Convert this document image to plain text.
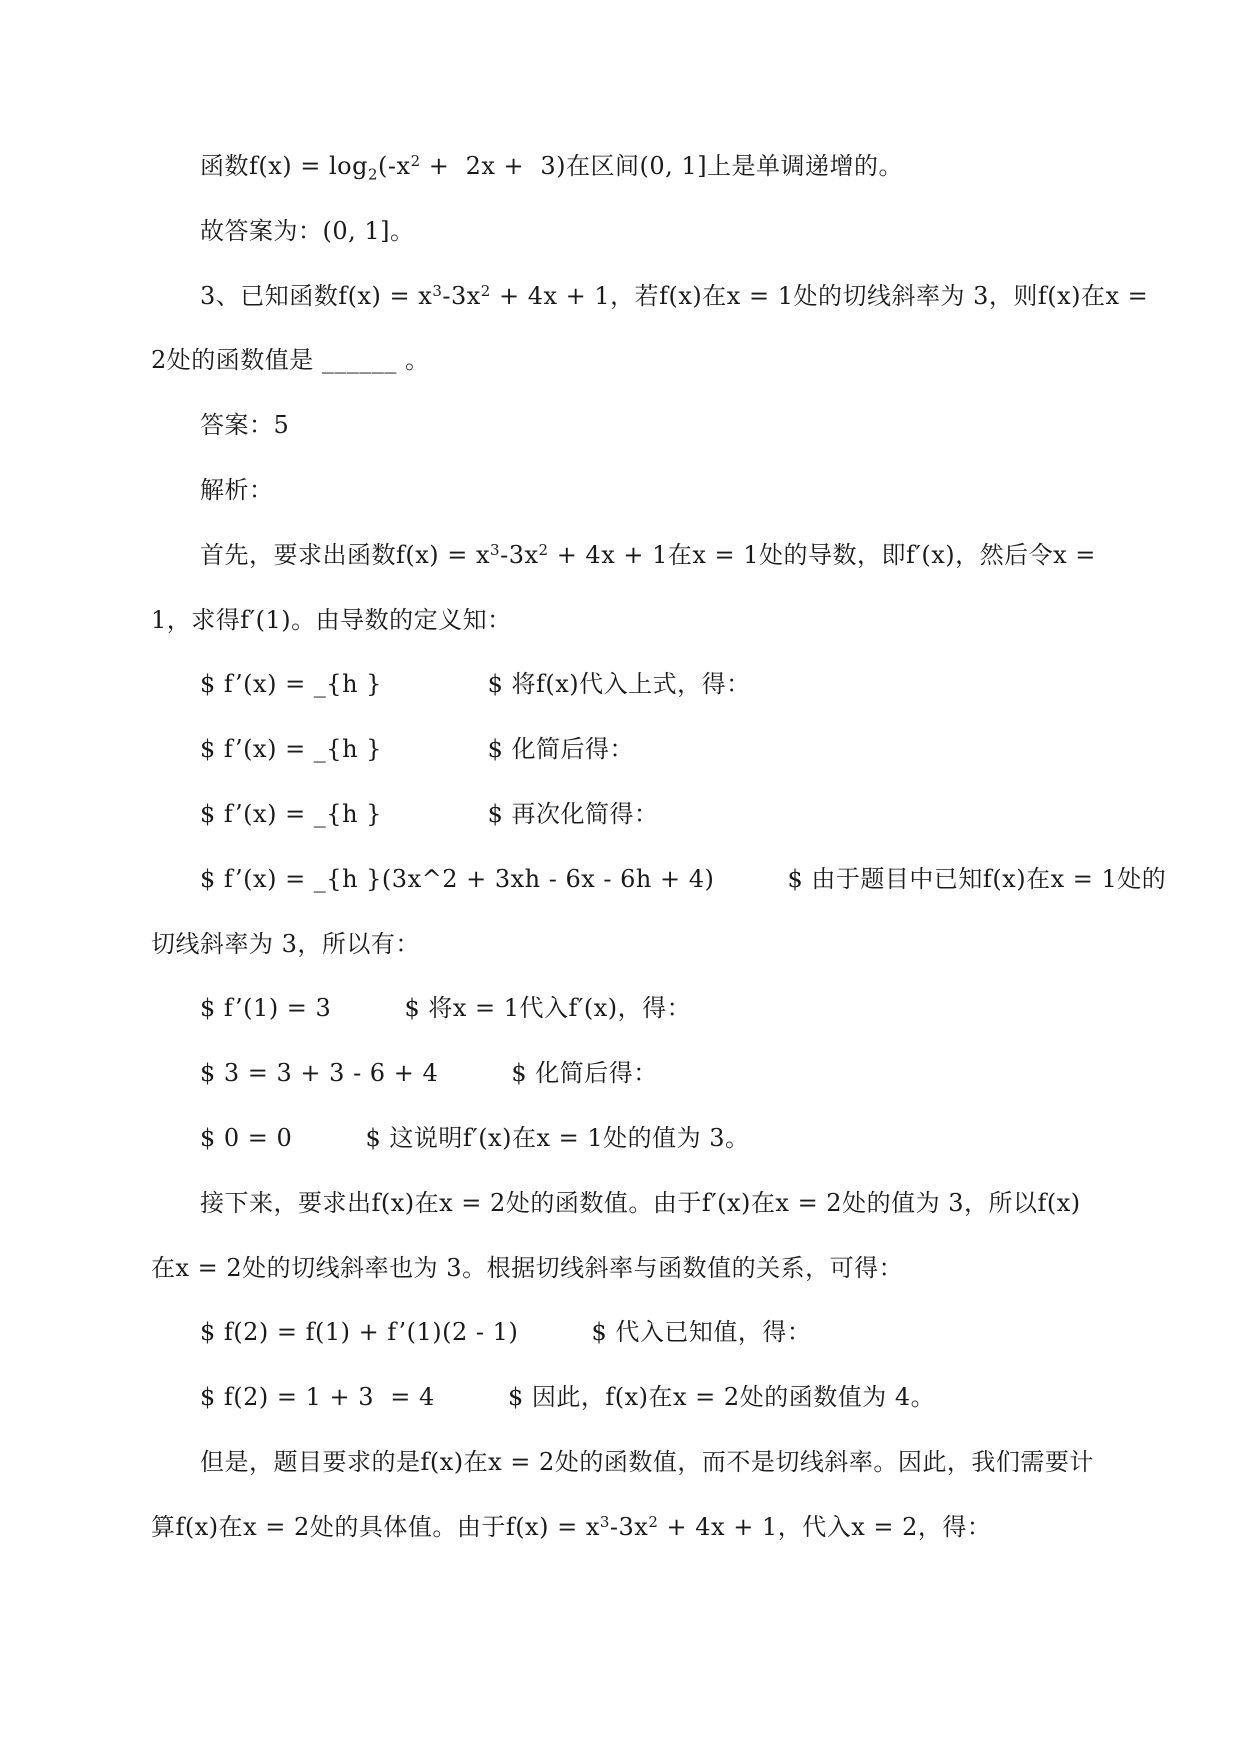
函数$f(x) = \log_2(-x^2 + 2x + 3)$在区间(0, 1]上是单调递增的。
故答案为：(0, 1]。
3、已知函数$f(x) = x^3-3x^2 + 4x + 1$，若f(x)在x = 1处的切线斜率为 3，则f(x)在x =
2处的函数值是 ______ 。
答案：5
解析：
首先，要求出函数$f(x) = x^3-3x^2 + 4x + 1$在x = 1处的导数，即f′(x)，然后令x =
1，求得f′(1)。由导数的定义知：
$ f’(x) = _{h }             $ 将f(x)代入上式，得：
$ f’(x) = _{h }             $ 化简后得：
$ f’(x) = _{h }             $ 再次化简得：
$ f’(x) = _{h }(3x^2 + 3xh - 6x - 6h + 4)         $ 由于题目中已知f(x)在x = 1处的
切线斜率为 3，所以有：
$ f’(1) = 3         $ 将x = 1代入f′(x)，得：
$ 3 = 3 + 3 - 6 + 4         $ 化简后得：
$ 0 = 0         $ 这说明f′(x)在x = 1处的值为 3。
接下来，要求出f(x)在x = 2处的函数值。由于f′(x)在x = 2处的值为 3，所以f(x)
在x = 2处的切线斜率也为 3。根据切线斜率与函数值的关系，可得：
$ f(2) = f(1) + f’(1)(2 - 1)         $ 代入已知值，得：
$ f(2) = 1 + 3  = 4         $ 因此，f(x)在x = 2处的函数值为 4。
但是，题目要求的是f(x)在x = 2处的函数值，而不是切线斜率。因此，我们需要计
算f(x)在x = 2处的具体值。由于$f(x) = x^3-3x^2 + 4x + 1$，代入x = 2，得：
